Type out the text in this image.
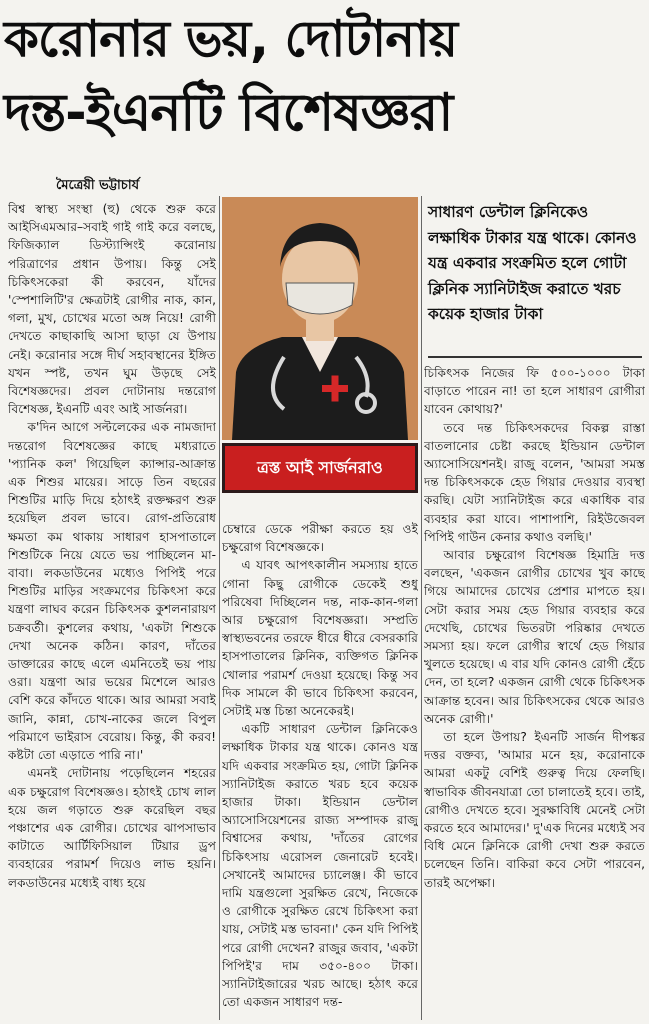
করোনার ভয়, দোটানায়
দন্ত-ইএনটি বিশেষজ্ঞরা
মৈত্রেয়ী ভট্টাচার্য

বিশ্ব স্বাস্থ্য সংস্থা (হু) থেকে শুরু করে আইসিএমআর–সবাই গাই গাই করে বলছে, ফিজিক্যাল ডিস্ট্যান্সিংই করোনায় পরিত্রাণের প্রধান উপায়। কিন্তু সেই চিকিৎসকেরা কী করবেন, যাঁদের 'স্পেশালিটি'র ক্ষেত্রটাই রোগীর নাক, কান, গলা, মুখ, চোখের মতো অঙ্গ নিয়ে! রোগী দেখতে কাছাকাছি আসা ছাড়া যে উপায় নেই। করোনার সঙ্গে দীর্ঘ সহাবস্থানের ইঙ্গিত যখন স্পষ্ট, তখন ঘুম উড়ছে সেই বিশেষজ্ঞদের। প্রবল দোটানায় দন্তরোগ বিশেষজ্ঞ, ইএনটি এবং আই সার্জনরা।

ক'দিন আগে সল্টলেকের এক নামজাদা দন্তরোগ বিশেষজ্ঞের কাছে মধ্যরাতে 'প্যানিক কল' গিয়েছিল ক্যান্সার-আক্রান্ত এক শিশুর মায়ের। সাড়ে তিন বছরের শিশুটির মাড়ি দিয়ে হঠাৎই রক্তক্ষরণ শুরু হয়েছিল প্রবল ভাবে। রোগ-প্রতিরোধ ক্ষমতা কম থাকায় সাধারণ হাসপাতালে শিশুটিকে নিয়ে যেতে ভয় পাচ্ছিলেন মা-বাবা। লকডাউনের মধ্যেও পিপিই পরে শিশুটির মাড়ির সংক্রমণের চিকিৎসা করে যন্ত্রণা লাঘব করেন চিকিৎসক কুশলনারায়ণ চক্রবর্তী। কুশলের কথায়, 'একটা শিশুকে দেখা অনেক কঠিন। কারণ, দাঁতের ডাক্তারের কাছে এলে এমনিতেই ভয় পায় ওরা। যন্ত্রণা আর ভয়ের মিশেলে আরও বেশি করে কাঁদতে থাকে। আর আমরা সবাই জানি, কান্না, চোখ-নাকের জলে বিপুল পরিমাণে ভাইরাস বেরোয়। কিন্তু, কী করব! কষ্টটা তো এড়াতে পারি না।'

এমনই দোটানায় পড়েছিলেন শহরের এক চক্ষুরোগ বিশেষজ্ঞও। হঠাৎই চোখ লাল হয়ে জল গড়াতে শুরু করেছিল বছর পঞ্চাশের এক রোগীর। চোখের ঝাপসাভাব কাটাতে আর্টিফিসিয়াল টিয়ার ড্রপ ব্যবহারের পরামর্শ দিয়েও লাভ হয়নি। লকডাউনের মধ্যেই বাধ্য হয়ে

ত্রস্ত আই সার্জনরাও

চেম্বারে ডেকে পরীক্ষা করতে হয় ওই চক্ষুরোগ বিশেষজ্ঞকে।

এ যাবৎ আপৎকালীন সমস্যায় হাতে গোনা কিছু রোগীকে ডেকেই শুধু পরিষেবা দিচ্ছিলেন দন্ত, নাক-কান-গলা আর চক্ষুরোগ বিশেষজ্ঞরা। সম্প্রতি স্বাস্থ্যভবনের তরফে ধীরে ধীরে বেসরকারি হাসপাতালের ক্লিনিক, ব্যক্তিগত ক্লিনিক খোলার পরামর্শ দেওয়া হয়েছে। কিন্তু সব দিক সামলে কী ভাবে চিকিৎসা করবেন, সেটাই মস্ত চিন্তা অনেকেরই।

একটি সাধারণ ডেন্টাল ক্লিনিকেও লক্ষাধিক টাকার যন্ত্র থাকে। কোনও যন্ত্র যদি একবার সংক্রমিত হয়, গোটা ক্লিনিক স্যানিটাইজ করাতে খরচ হবে কয়েক হাজার টাকা। ইন্ডিয়ান ডেন্টাল অ্যাসোসিয়েশনের রাজ্য সম্পাদক রাজু বিশ্বাসের কথায়, 'দাঁতের রোগের চিকিৎসায় এরোসল জেনারেট হবেই। সেখানেই আমাদের চ্যালেঞ্জ। কী ভাবে দামি যন্ত্রগুলো সুরক্ষিত রেখে, নিজেকে ও রোগীকে সুরক্ষিত রেখে চিকিৎসা করা যায়, সেটাই মস্ত ভাবনা।' কেন যদি পিপিই পরে রোগী দেখেন? রাজুর জবাব, 'একটা পিপিই'র দাম ৩৫০-৪০০ টাকা। স্যানিটাইজারের খরচ আছে। হঠাৎ করে তো একজন সাধারণ দন্ত-

সাধারণ ডেন্টাল ক্লিনিকেও লক্ষাধিক টাকার যন্ত্র থাকে। কোনও যন্ত্র একবার সংক্রমিত হলে গোটা ক্লিনিক স্যানিটাইজ করাতে খরচ কয়েক হাজার টাকা

চিকিৎসক নিজের ফি ৫০০-১০০০ টাকা বাড়াতে পারেন না! তা হলে সাধারণ রোগীরা যাবেন কোথায়?'

তবে দন্ত চিকিৎসকদের বিকল্প রাস্তা বাতলানোর চেষ্টা করছে ইন্ডিয়ান ডেন্টাল অ্যাসোসিয়েশনই। রাজু বলেন, 'আমরা সমস্ত দন্ত চিকিৎসককে হেড গিয়ার দেওয়ার ব্যবস্থা করছি। যেটা স্যানিটাইজ করে একাধিক বার ব্যবহার করা যাবে। পাশাপাশি, রিইউজেবল পিপিই গাউন কেনার কথাও বলছি।'

আবার চক্ষুরোগ বিশেষজ্ঞ হিমাদ্রি দত্ত বলছেন, 'একজন রোগীর চোখের খুব কাছে গিয়ে আমাদের চোখের প্রেশার মাপতে হয়। সেটা করার সময় হেড গিয়ার ব্যবহার করে দেখেছি, চোখের ভিতরটা পরিষ্কার দেখতে সমস্যা হয়। ফলে রোগীর স্বার্থে হেড গিয়ার খুলতে হয়েছে। এ বার যদি কোনও রোগী হেঁচে দেন, তা হলে? একজন রোগী থেকে চিকিৎসক আক্রান্ত হবেন। আর চিকিৎসকের থেকে আরও অনেক রোগী।'

তা হলে উপায়? ইএনটি সার্জন দীপঙ্কর দত্তর বক্তব্য, 'আমার মনে হয়, করোনাকে আমরা একটু বেশিই গুরুত্ব দিয়ে ফেলছি। স্বাভাবিক জীবনযাত্রা তো চালাতেই হবে। তাই, রোগীও দেখতে হবে। সুরক্ষাবিধি মেনেই সেটা করতে হবে আমাদের।' দু'এক দিনের মধ্যেই সব বিধি মেনে ক্লিনিকে রোগী দেখা শুরু করতে চলেছেন তিনি। বাকিরা কবে সেটা পারবেন, তারই অপেক্ষা।
